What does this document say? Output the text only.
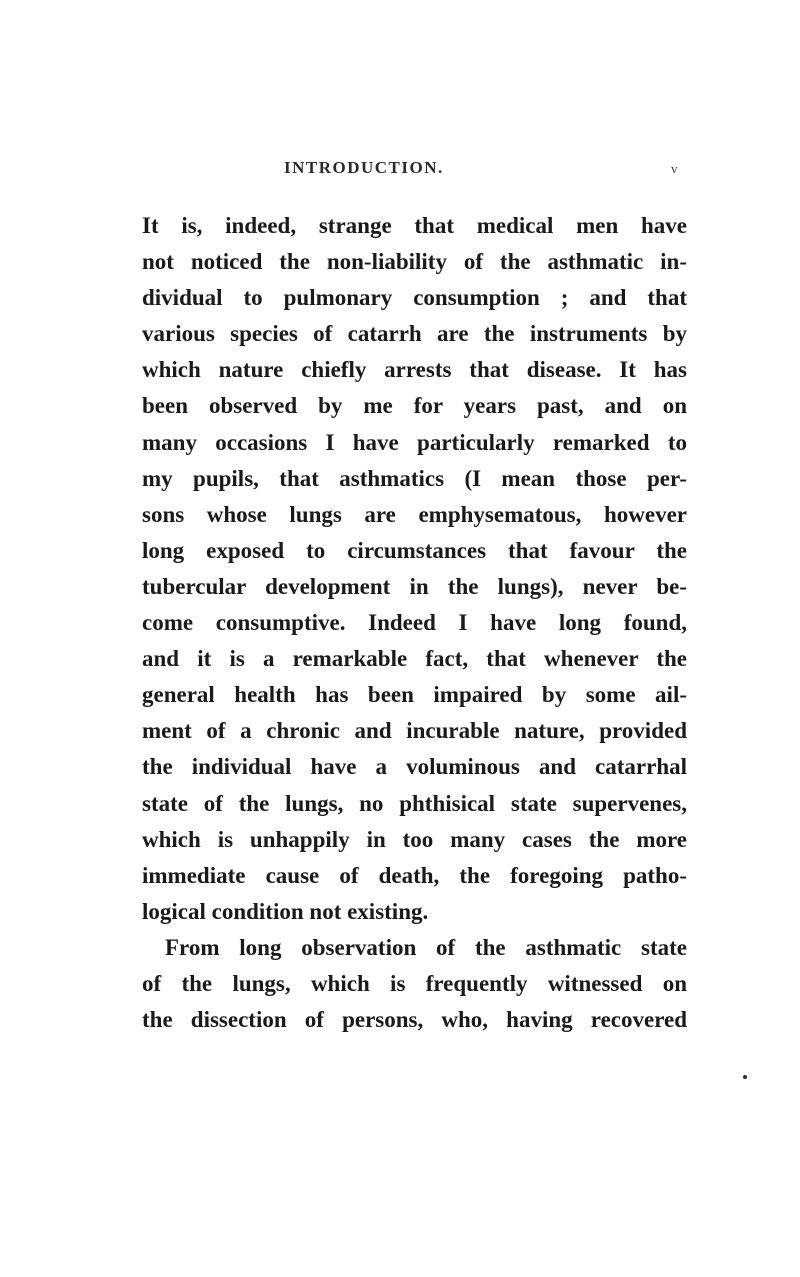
INTRODUCTION.	v
It is, indeed, strange that medical men have
not noticed the non-liability of the asthmatic in-
dividual to pulmonary consumption ; and that
various species of catarrh are the instruments by
which nature chiefly arrests that disease. It has
been observed by me for years past, and on
many occasions I have particularly remarked to
my pupils, that asthmatics (I mean those per-
sons whose lungs are emphysematous, however
long exposed to circumstances that favour the
tubercular development in the lungs), never be-
come consumptive. Indeed I have long found,
and it is a remarkable fact, that whenever the
general health has been impaired by some ail-
ment of a chronic and incurable nature, provided
the individual have a voluminous and catarrhal
state of the lungs, no phthisical state supervenes,
which is unhappily in too many cases the more
immediate cause of death, the foregoing patho-
logical condition not existing.
From long observation of the asthmatic state
of the lungs, which is frequently witnessed on
the dissection of persons, who, having recovered
